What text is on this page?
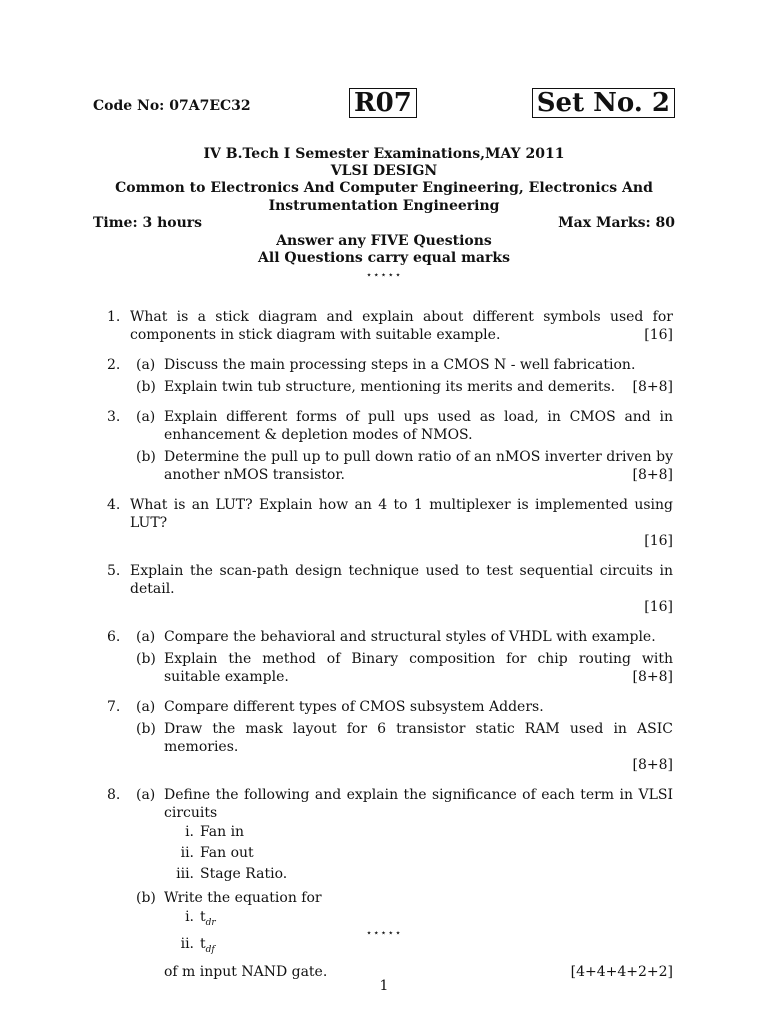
Code No: 07A7EC32	R07	Set No. 2
IV B.Tech I Semester Examinations,MAY 2011
VLSI DESIGN
Common to Electronics And Computer Engineering, Electronics And
Instrumentation Engineering
Time: 3 hours	Max Marks: 80
Answer any FIVE Questions
All Questions carry equal marks
⋆⋆⋆⋆⋆
1. What is a stick diagram and explain about different symbols used for components in stick diagram with suitable example.	[16]
2. (a) Discuss the main processing steps in a CMOS N - well fabrication.
(b) Explain twin tub structure, mentioning its merits and demerits. [8+8]
3. (a) Explain different forms of pull ups used as load, in CMOS and in enhancement & depletion modes of NMOS.
(b) Determine the pull up to pull down ratio of an nMOS inverter driven by another nMOS transistor.	[8+8]
4. What is an LUT? Explain how an 4 to 1 multiplexer is implemented using LUT?
[16]
5. Explain the scan-path design technique used to test sequential circuits in detail.
[16]
6. (a) Compare the behavioral and structural styles of VHDL with example.
(b) Explain the method of Binary composition for chip routing with suitable example.	[8+8]
7. (a) Compare different types of CMOS subsystem Adders.
(b) Draw the mask layout for 6 transistor static RAM used in ASIC memories.
[8+8]
8. (a) Define the following and explain the significance of each term in VLSI circuits
i. Fan in
ii. Fan out
iii. Stage Ratio.
(b) Write the equation for
i. $t_{dr}$
ii. $t_{df}$
of m input NAND gate.	[4+4+4+2+2]
⋆⋆⋆⋆⋆
1
